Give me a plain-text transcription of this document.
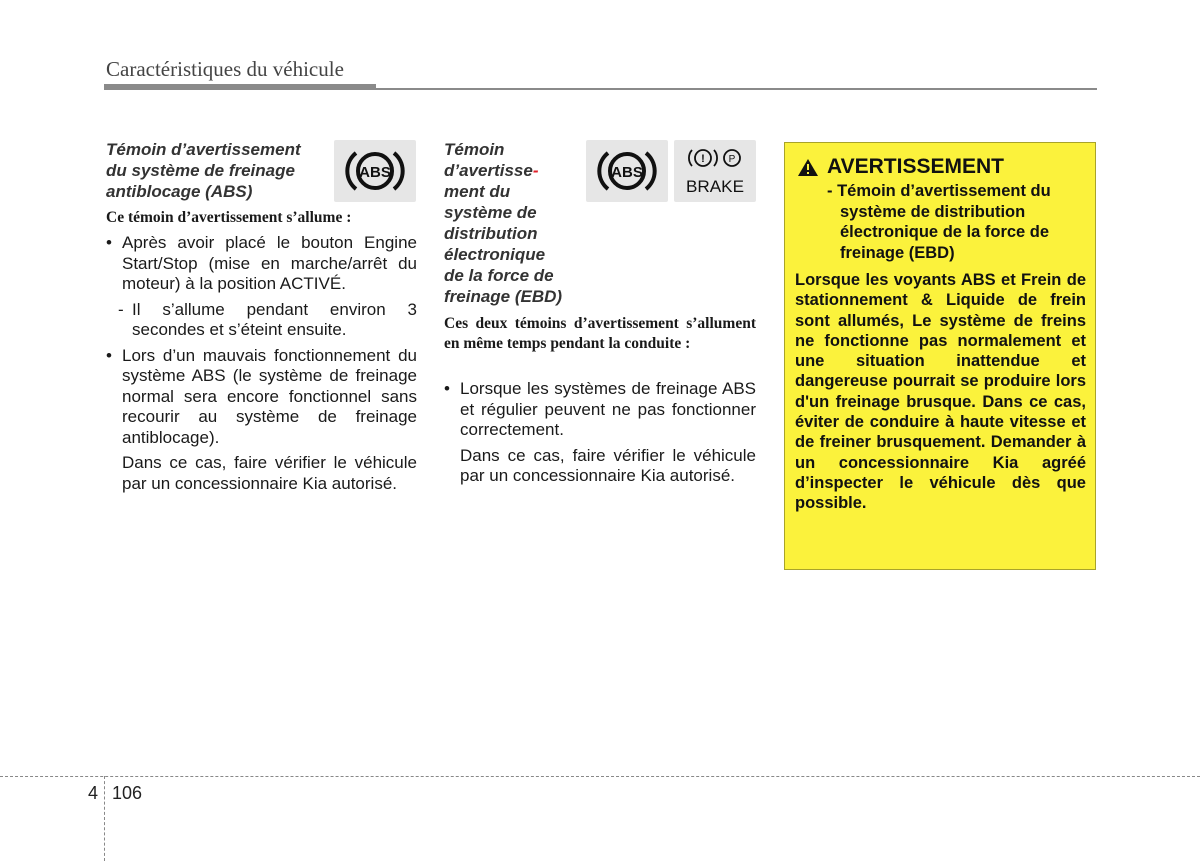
Caractéristiques du véhicule
Témoin d’avertissement
du système de freinage
antiblocage (ABS)
ABS
Ce témoin d’avertissement s’allume :
• Après avoir placé le bouton Engine Start/Stop (mise en marche/arrêt du moteur) à la position ACTIVÉ.
- Il s’allume pendant environ 3 secondes et s’éteint ensuite.
• Lors d’un mauvais fonctionnement du système ABS (le système de freinage normal sera encore fonctionnel sans recourir au système de freinage antiblocage).
Dans ce cas, faire vérifier le véhicule par un concessionnaire Kia autorisé.
Témoin
d’avertisse-
ment du
système de
distribution
électronique
de la force de
freinage (EBD)
ABS
! P
BRAKE
Ces deux témoins d’avertissement s’allument en même temps pendant la conduite :
• Lorsque les systèmes de freinage ABS et régulier peuvent ne pas fonctionner correctement.
Dans ce cas, faire vérifier le véhicule par un concessionnaire Kia autorisé.
AVERTISSEMENT
- Témoin d’avertissement du système de distribution électronique de la force de freinage (EBD)
Lorsque les voyants ABS et Frein de stationnement & Liquide de frein sont allumés, Le système de freins ne fonctionne pas normalement et une situation inattendue et dangereuse pourrait se produire lors d'un freinage brusque. Dans ce cas, éviter de conduire à haute vitesse et de freiner brusquement. Demander à un concessionnaire Kia agréé d’inspecter le véhicule dès que possible.
4 106
